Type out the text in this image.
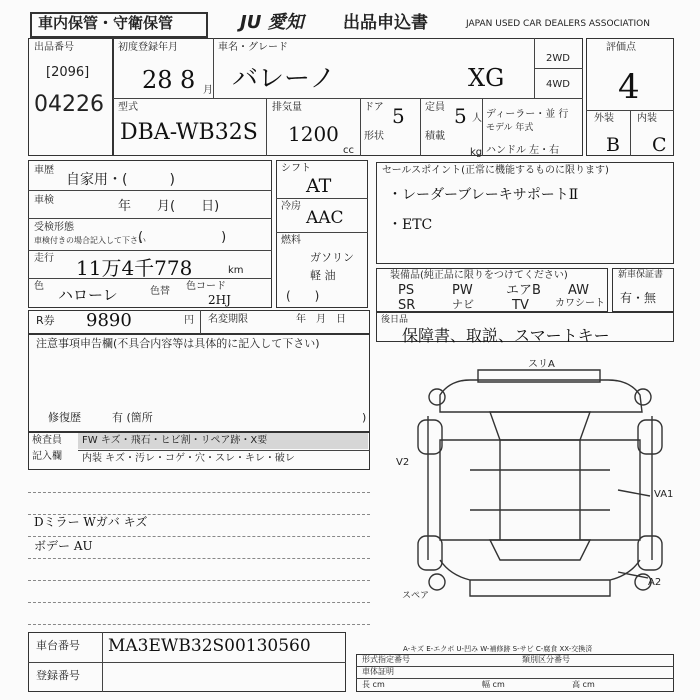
車内保管・守衛保管	JU 愛知 出品申込書	JAPAN USED CAR DEALERS ASSOCIATION
出品番号
[2096]
04226
初度登録年月
28 8 月
車名・グレード
バレーノ	XG
2WD
4WD
型式
DBA-WB32S
排気量
1200
cc
ドア 5
形状
定員 5 人
積載
kg
ディーラー・並 行
モデル 年式
ハンドル 左・右
評価点
4
外装 内装
B C
車歴
自家用・(　　　)
車検	年　　月(　　日)
受検形態
車検付きの場合記入して下さい
(　　　　　　)
走行 11万4千778	km
色 ハローレ	色替 色コード
2HJ
シフト
AT
冷房
AAC
燃料
ガソリン
軽 油
(　　)
セールスポイント(正常に機能するものに限ります)
・レーダーブレーキサポートⅡ
・ETC
装備品(純正品に限りをつけてください)
PS	PW	エアB AW
SR	ナビ	TV	カワシート
新車保証書
有・無
R券 9890	円 名変期限	年　月　日
注意事項申告欄(不具合内容等は具体的に記入して下さい)
修復歴	有 (箇所	)
後日品
保障書、取説、スマートキー
検査員
記入欄
FW キズ・飛石・ヒビ割・リペア跡・X要
内装 キズ・汚レ・コゲ・穴・スレ・キレ・破レ
Dミラー Wガバ キズ
ボデー AU
スリA
V2
VA1
A2
スペア
A-キズ E-エクボ U-凹み W-補修跡 S-サビ C-腐食 XX-交換済
車台番号 MA3EWB32S00130560
登録番号
形式指定番号	類別区分番号
車体証明
長 cm	幅 cm	高 cm
